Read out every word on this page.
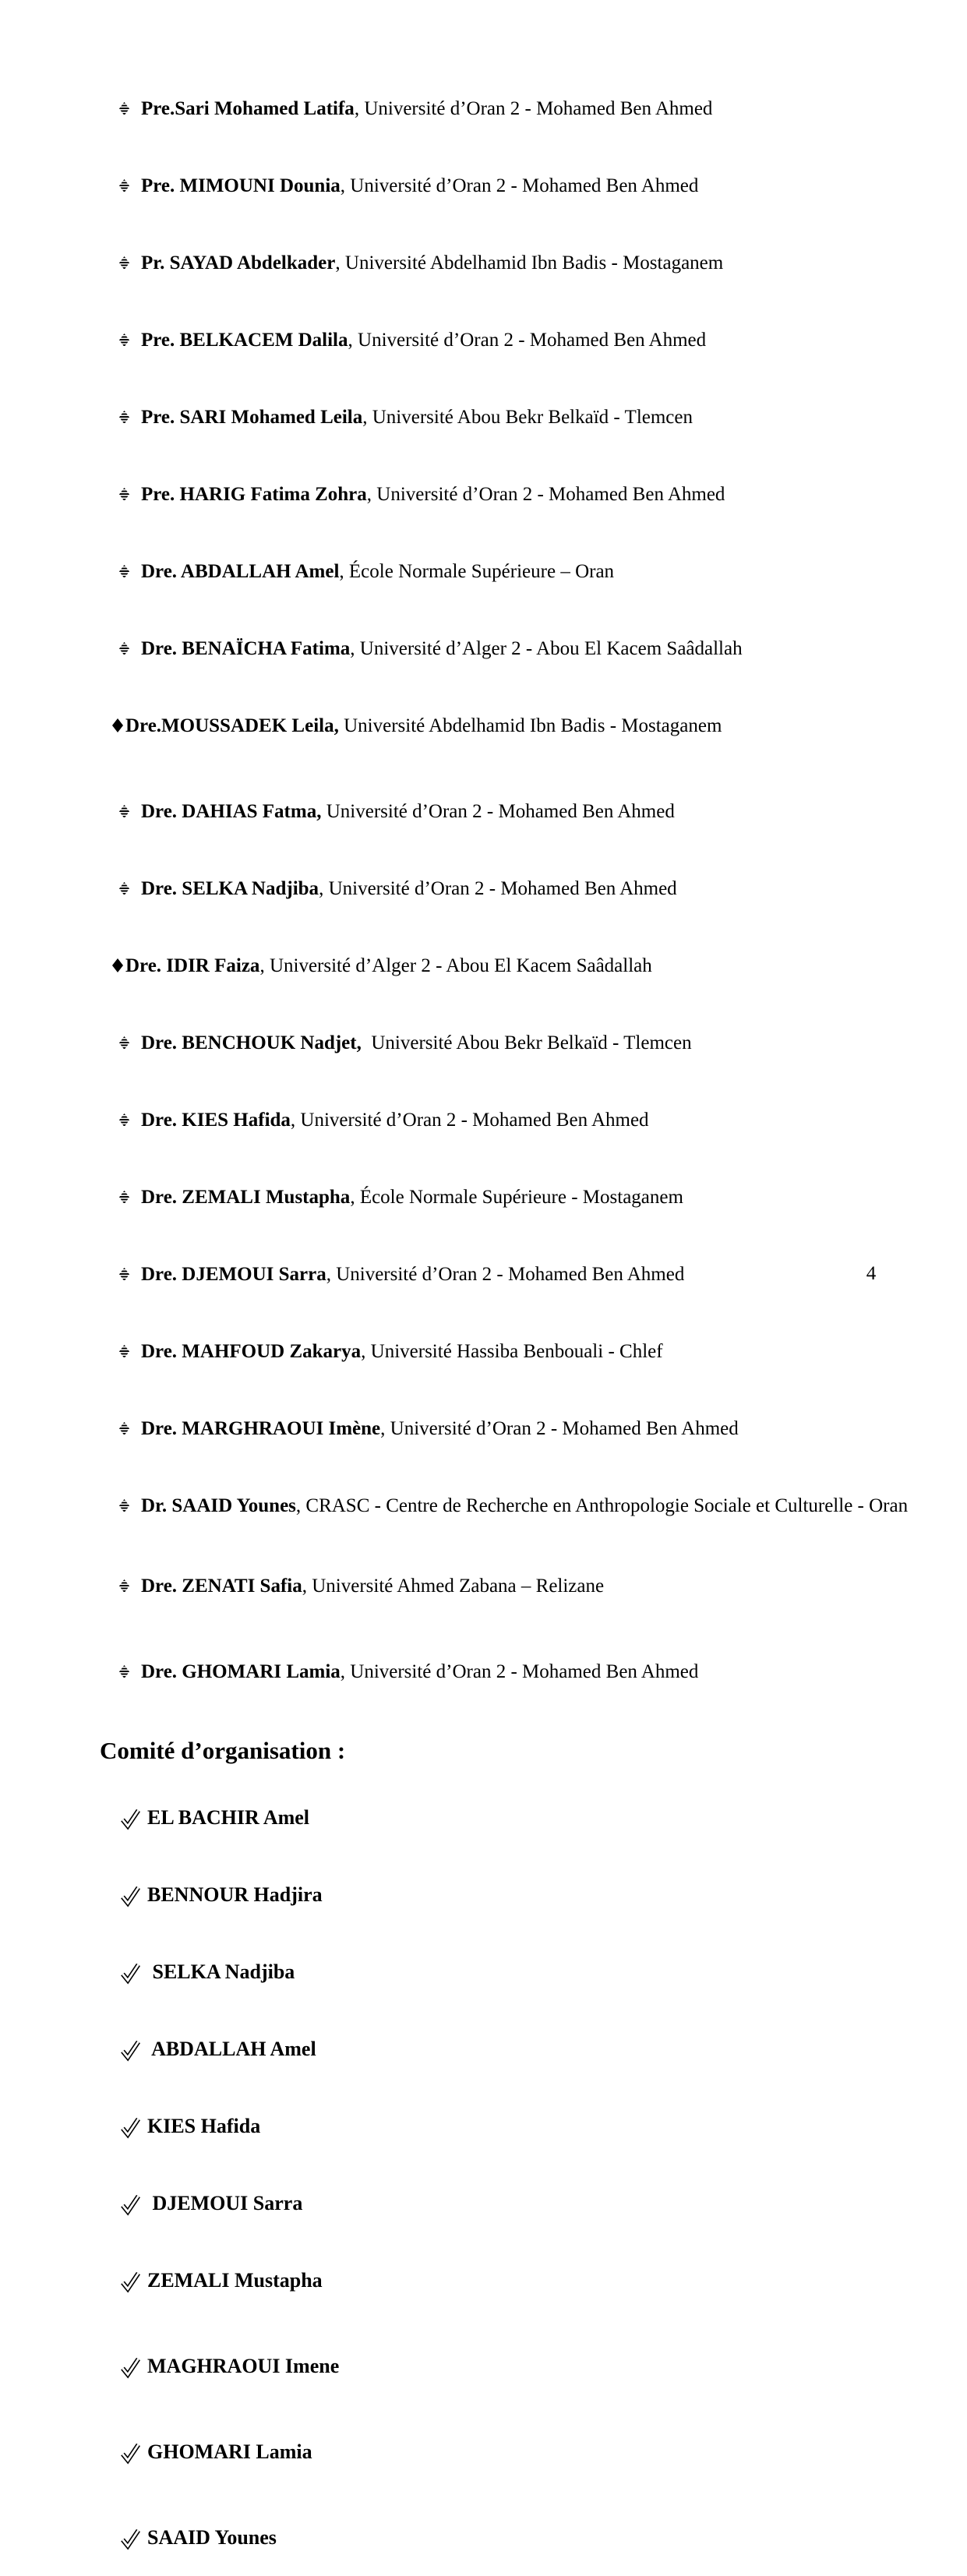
Pre.Sari Mohamed Latifa, Université d’Oran 2 - Mohamed Ben Ahmed

Pre. MIMOUNI Dounia, Université d’Oran 2 - Mohamed Ben Ahmed

Pr. SAYAD Abdelkader, Université Abdelhamid Ibn Badis - Mostaganem

Pre. BELKACEM Dalila, Université d’Oran 2 - Mohamed Ben Ahmed

Pre. SARI Mohamed Leila, Université Abou Bekr Belkaïd - Tlemcen

Pre. HARIG Fatima Zohra, Université d’Oran 2 - Mohamed Ben Ahmed

Dre. ABDALLAH Amel, École Normale Supérieure – Oran

Dre. BENAÏCHA Fatima, Université d’Alger 2 - Abou El Kacem Saâdallah

Dre.MOUSSADEK Leila, Université Abdelhamid Ibn Badis - Mostaganem

Dre. DAHIAS Fatma, Université d’Oran 2 - Mohamed Ben Ahmed

Dre. SELKA Nadjiba, Université d’Oran 2 - Mohamed Ben Ahmed

Dre. IDIR Faiza, Université d’Alger 2 - Abou El Kacem Saâdallah

Dre. BENCHOUK Nadjet,  Université Abou Bekr Belkaïd - Tlemcen

Dre. KIES Hafida, Université d’Oran 2 - Mohamed Ben Ahmed

Dre. ZEMALI Mustapha, École Normale Supérieure - Mostaganem

Dre. DJEMOUI Sarra, Université d’Oran 2 - Mohamed Ben Ahmed

Dre. MAHFOUD Zakarya, Université Hassiba Benbouali - Chlef

Dre. MARGHRAOUI Imène, Université d’Oran 2 - Mohamed Ben Ahmed

Dr. SAAID Younes, CRASC - Centre de Recherche en Anthropologie Sociale et Culturelle - Oran

Dre. ZENATI Safia, Université Ahmed Zabana – Relizane

Dre. GHOMARI Lamia, Université d’Oran 2 - Mohamed Ben Ahmed

Comité d’organisation :

EL BACHIR Amel

BENNOUR Hadjira

SELKA Nadjiba

ABDALLAH Amel

KIES Hafida

DJEMOUI Sarra

ZEMALI Mustapha

MAGHRAOUI Imene

GHOMARI Lamia

SAAID Younes

4
